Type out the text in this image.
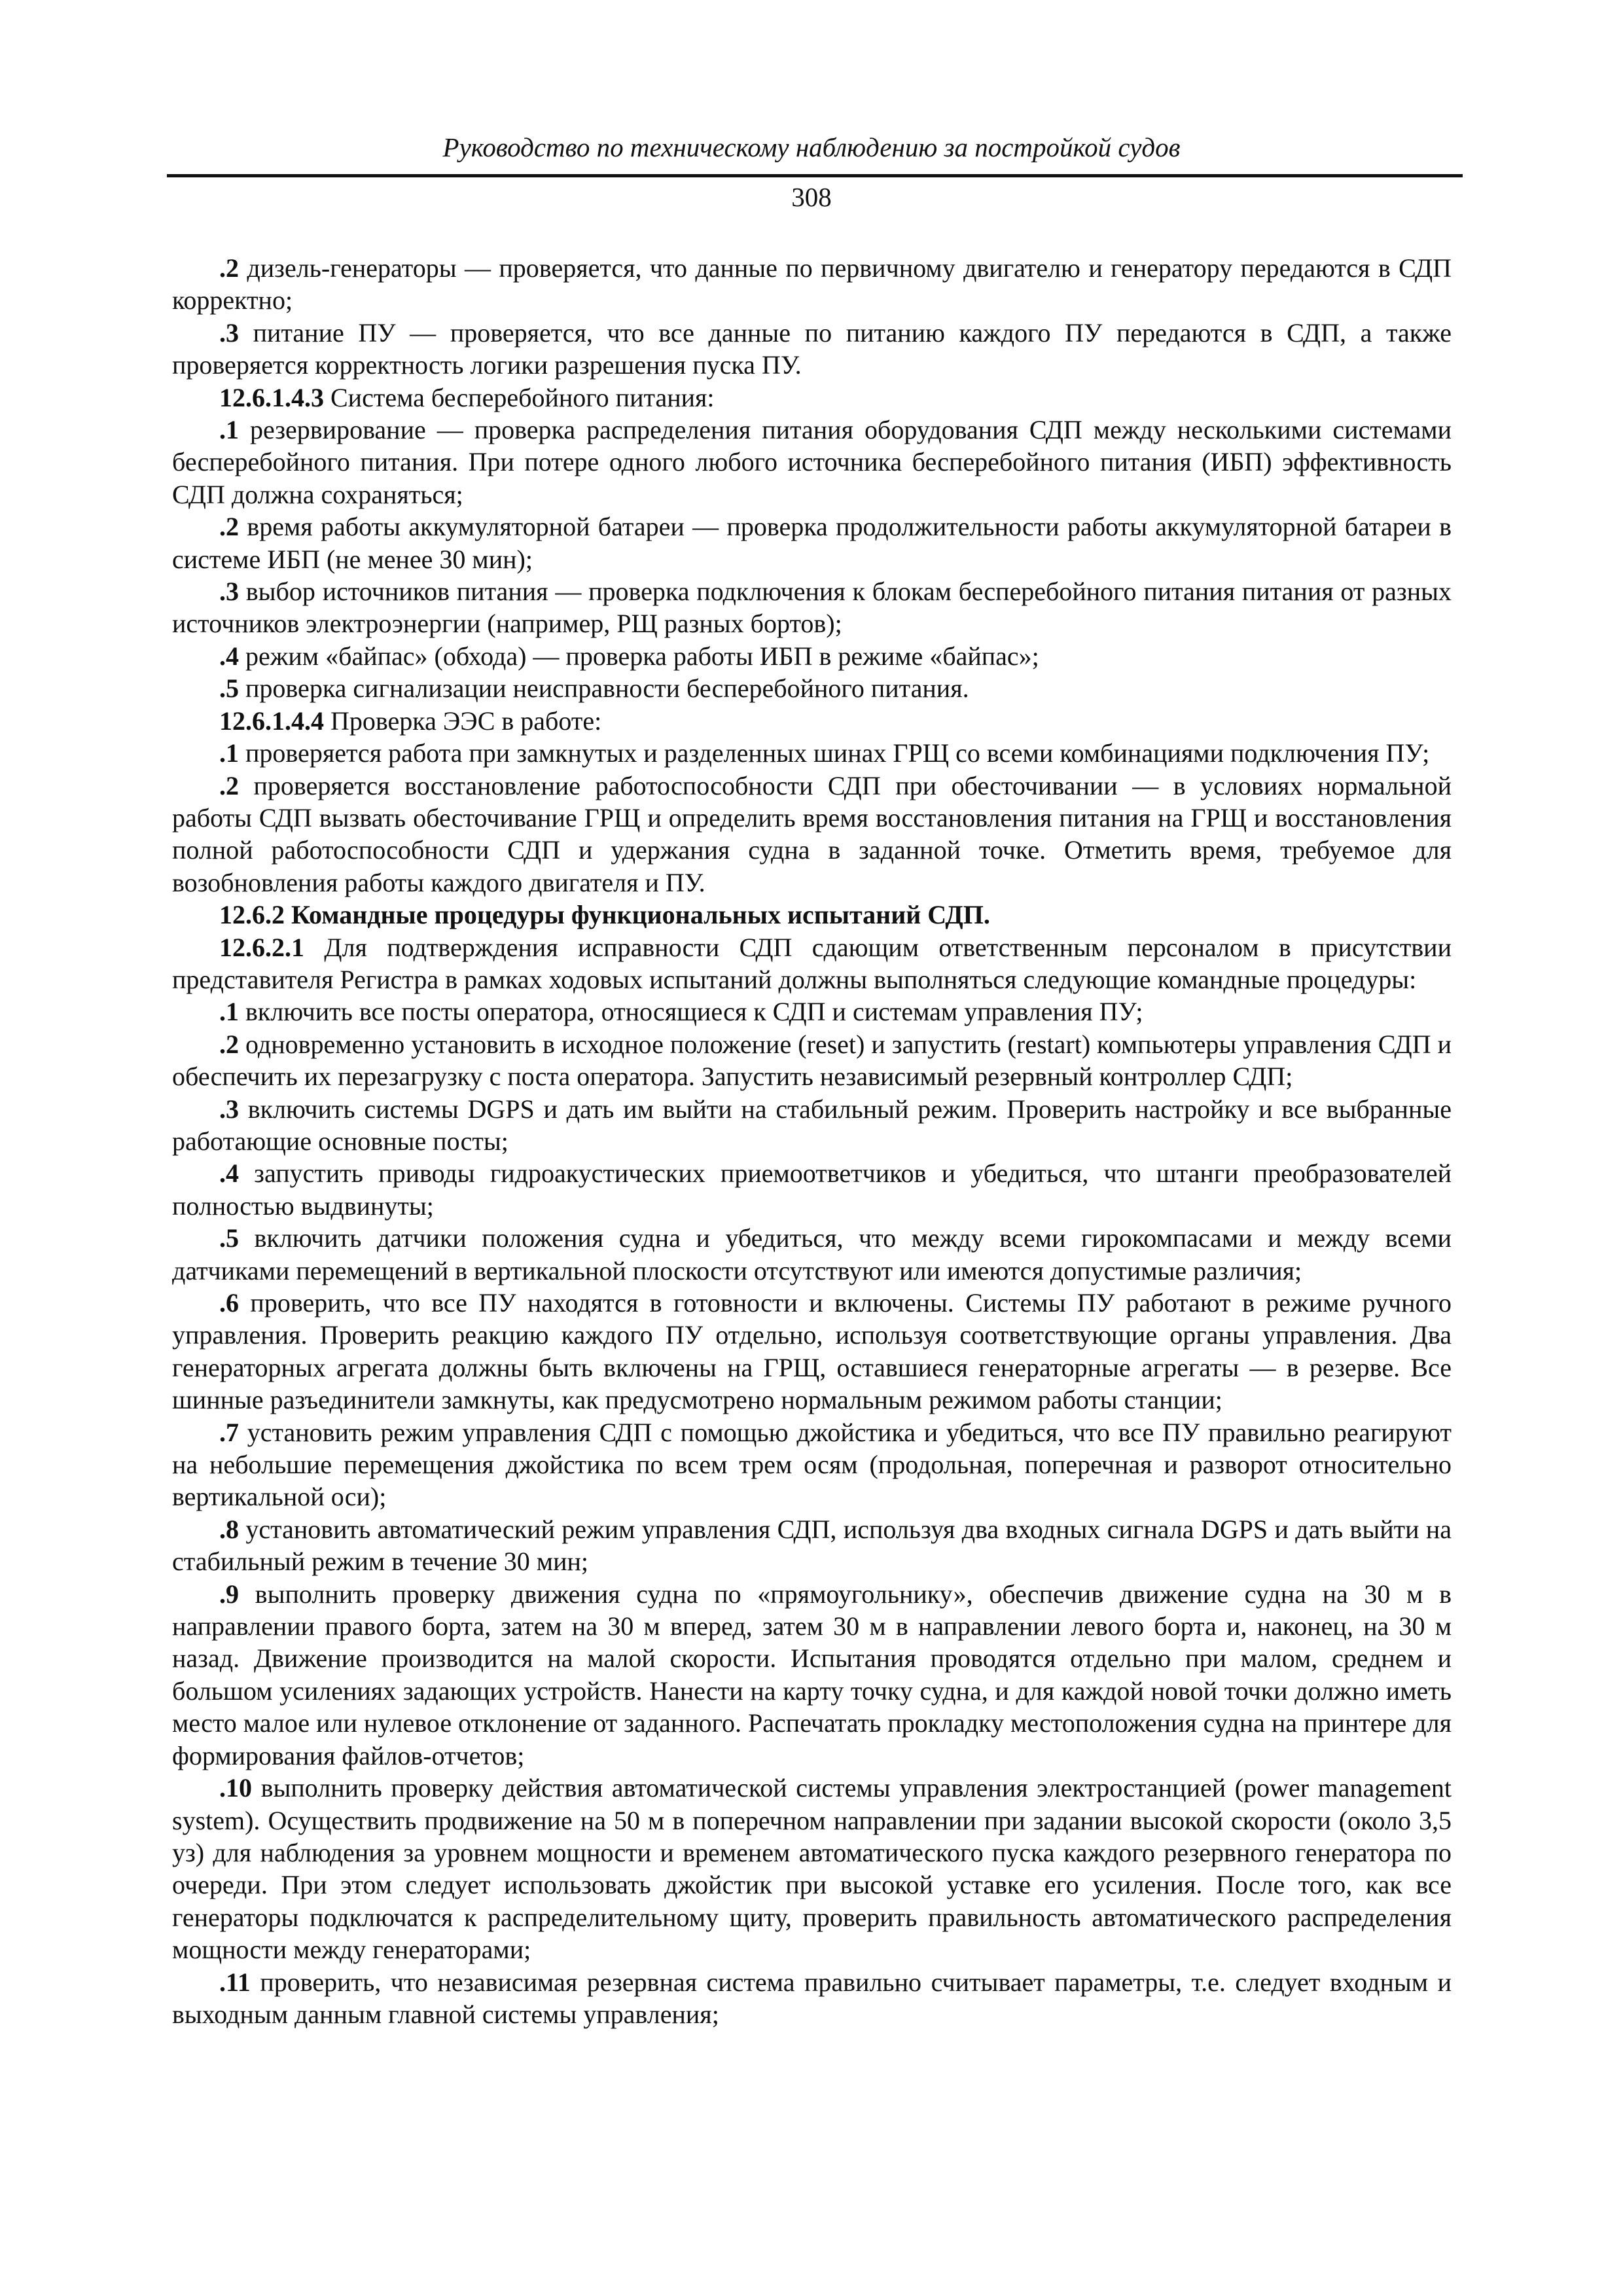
Руководство по техническому наблюдению за постройкой судов
308

.2 дизель-генераторы — проверяется, что данные по первичному двигателю и генератору передаются в СДП корректно;

.3 питание ПУ — проверяется, что все данные по питанию каждого ПУ передаются в СДП, а также проверяется корректность логики разрешения пуска ПУ.

12.6.1.4.3 Система бесперебойного питания:

.1 резервирование — проверка распределения питания оборудования СДП между несколькими системами бесперебойного питания. При потере одного любого источника бесперебойного питания (ИБП) эффективность СДП должна сохраняться;

.2 время работы аккумуляторной батареи — проверка продолжительности работы аккумуляторной батареи в системе ИБП (не менее 30 мин);

.3 выбор источников питания — проверка подключения к блокам бесперебойного питания питания от разных источников электроэнергии (например, РЩ разных бортов);

.4 режим «байпас» (обхода) — проверка работы ИБП в режиме «байпас»;

.5 проверка сигнализации неисправности бесперебойного питания.

12.6.1.4.4 Проверка ЭЭС в работе:

.1 проверяется работа при замкнутых и разделенных шинах ГРЩ со всеми комбинациями подключения ПУ;

.2 проверяется восстановление работоспособности СДП при обесточивании — в условиях нормальной работы СДП вызвать обесточивание ГРЩ и определить время восстановления питания на ГРЩ и восстановления полной работоспособности СДП и удержания судна в заданной точке. Отметить время, требуемое для возобновления работы каждого двигателя и ПУ.

12.6.2 Командные процедуры функциональных испытаний СДП.

12.6.2.1 Для подтверждения исправности СДП сдающим ответственным персоналом в присутствии представителя Регистра в рамках ходовых испытаний должны выполняться следующие командные процедуры:

.1 включить все посты оператора, относящиеся к СДП и системам управления ПУ;

.2 одновременно установить в исходное положение (reset) и запустить (restart) компьютеры управления СДП и обеспечить их перезагрузку с поста оператора. Запустить независимый резервный контроллер СДП;

.3 включить системы DGPS и дать им выйти на стабильный режим. Проверить настройку и все выбранные работающие основные посты;

.4 запустить приводы гидроакустических приемоответчиков и убедиться, что штанги преобразователей полностью выдвинуты;

.5 включить датчики положения судна и убедиться, что между всеми гирокомпасами и между всеми датчиками перемещений в вертикальной плоскости отсутствуют или имеются допустимые различия;

.6 проверить, что все ПУ находятся в готовности и включены. Системы ПУ работают в режиме ручного управления. Проверить реакцию каждого ПУ отдельно, используя соответствующие органы управления. Два генераторных агрегата должны быть включены на ГРЩ, оставшиеся генераторные агрегаты — в резерве. Все шинные разъединители замкнуты, как предусмотрено нормальным режимом работы станции;

.7 установить режим управления СДП с помощью джойстика и убедиться, что все ПУ правильно реагируют на небольшие перемещения джойстика по всем трем осям (продольная, поперечная и разворот относительно вертикальной оси);

.8 установить автоматический режим управления СДП, используя два входных сигнала DGPS и дать выйти на стабильный режим в течение 30 мин;

.9 выполнить проверку движения судна по «прямоугольнику», обеспечив движение судна на 30 м в направлении правого борта, затем на 30 м вперед, затем 30 м в направлении левого борта и, наконец, на 30 м назад. Движение производится на малой скорости. Испытания проводятся отдельно при малом, среднем и большом усилениях задающих устройств. Нанести на карту точку судна, и для каждой новой точки должно иметь место малое или нулевое отклонение от заданного. Распечатать прокладку местоположения судна на принтере для формирования файлов-отчетов;

.10 выполнить проверку действия автоматической системы управления электростанцией (power management system). Осуществить продвижение на 50 м в поперечном направлении при задании высокой скорости (около 3,5 уз) для наблюдения за уровнем мощности и временем автоматического пуска каждого резервного генератора по очереди. При этом следует использовать джойстик при высокой уставке его усиления. После того, как все генераторы подключатся к распределительному щиту, проверить правильность автоматического распределения мощности между генераторами;

.11 проверить, что независимая резервная система правильно считывает параметры, т.е. следует входным и выходным данным главной системы управления;
